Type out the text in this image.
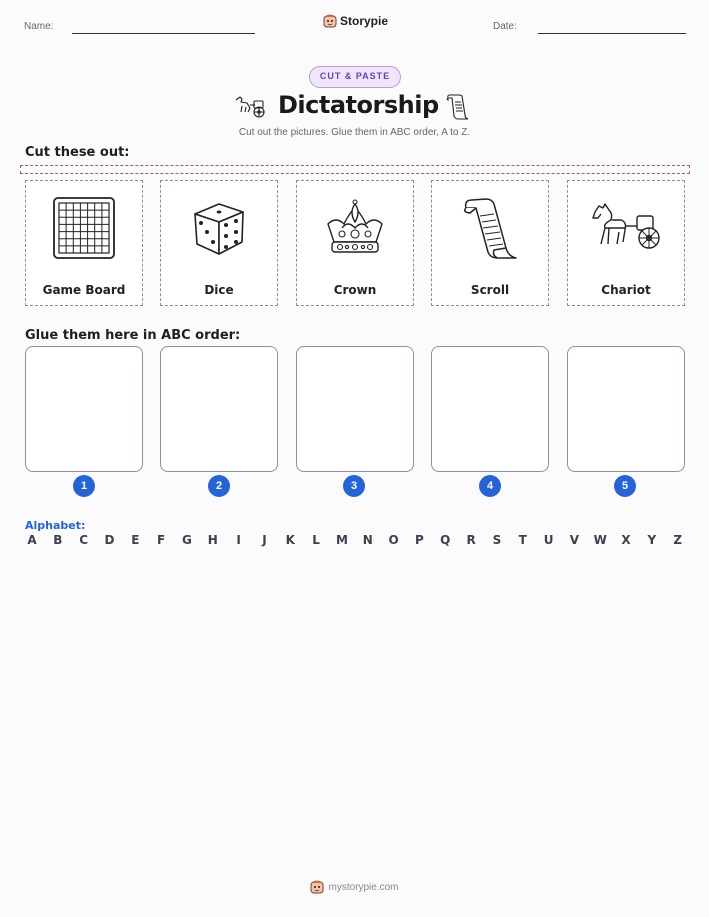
Name:	Storypie	Date:
CUT & PASTE
Dictatorship
Cut out the pictures. Glue them in ABC order, A to Z.
Cut these out:
Game Board	Dice	Crown	Scroll	Chariot
Glue them here in ABC order:
1	2	3	4	5
Alphabet:
A B C D E F G H	I	J	K L M N O P Q R S T U V W X Y Z
mystorypie.com
